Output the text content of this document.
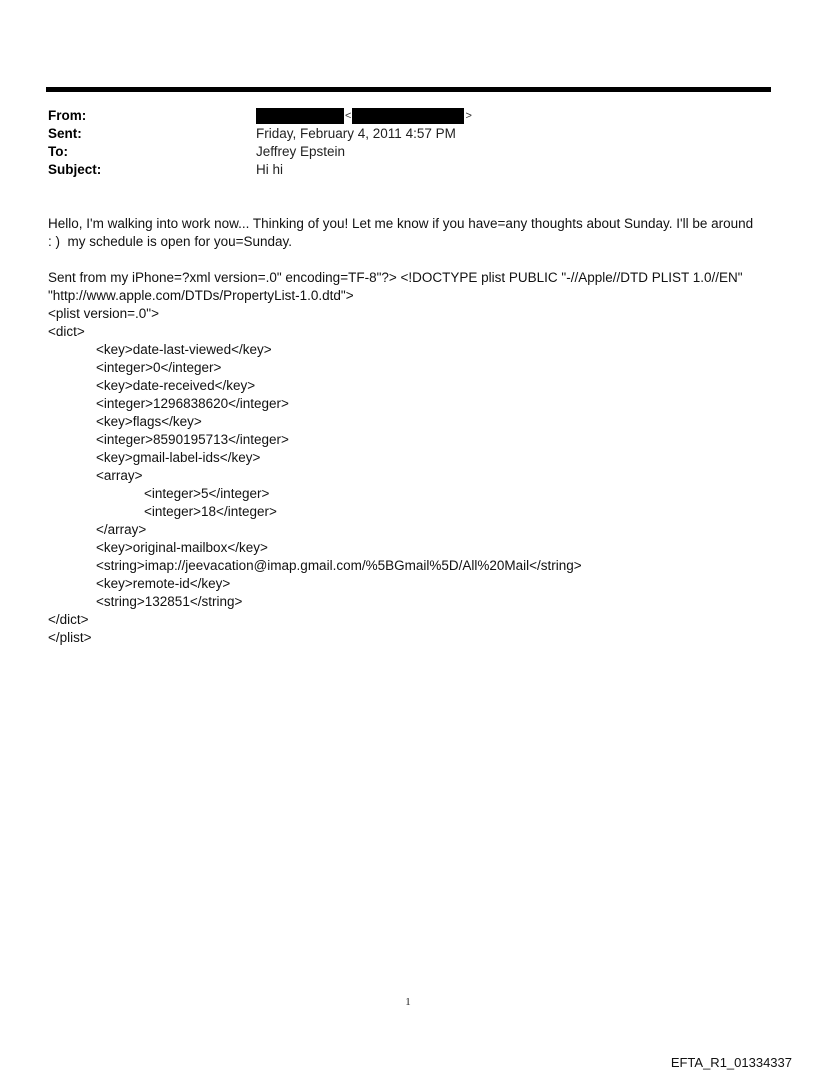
From:	<	>
Sent:	Friday, February 4, 2011 4:57 PM
To:	Jeffrey Epstein
Subject:	Hi hi
Hello, I'm walking into work now... Thinking of you! Let me know if you have=any thoughts about Sunday. I'll be around
: )  my schedule is open for you=Sunday.
Sent from my iPhone=?xml version=.0" encoding=TF-8"?> <!DOCTYPE plist PUBLIC "-//Apple//DTD PLIST 1.0//EN"
"http://www.apple.com/DTDs/PropertyList-1.0.dtd">
<plist version=.0">
<dict>
<key>date-last-viewed</key>
<integer>0</integer>
<key>date-received</key>
<integer>1296838620</integer>
<key>flags</key>
<integer>8590195713</integer>
<key>gmail-label-ids</key>
<array>
<integer>5</integer>
<integer>18</integer>
</array>
<key>original-mailbox</key>
<string>imap://jeevacation@imap.gmail.com/%5BGmail%5D/All%20Mail</string>
<key>remote-id</key>
<string>132851</string>
</dict>
</plist>
1
EFTA_R1_01334337
